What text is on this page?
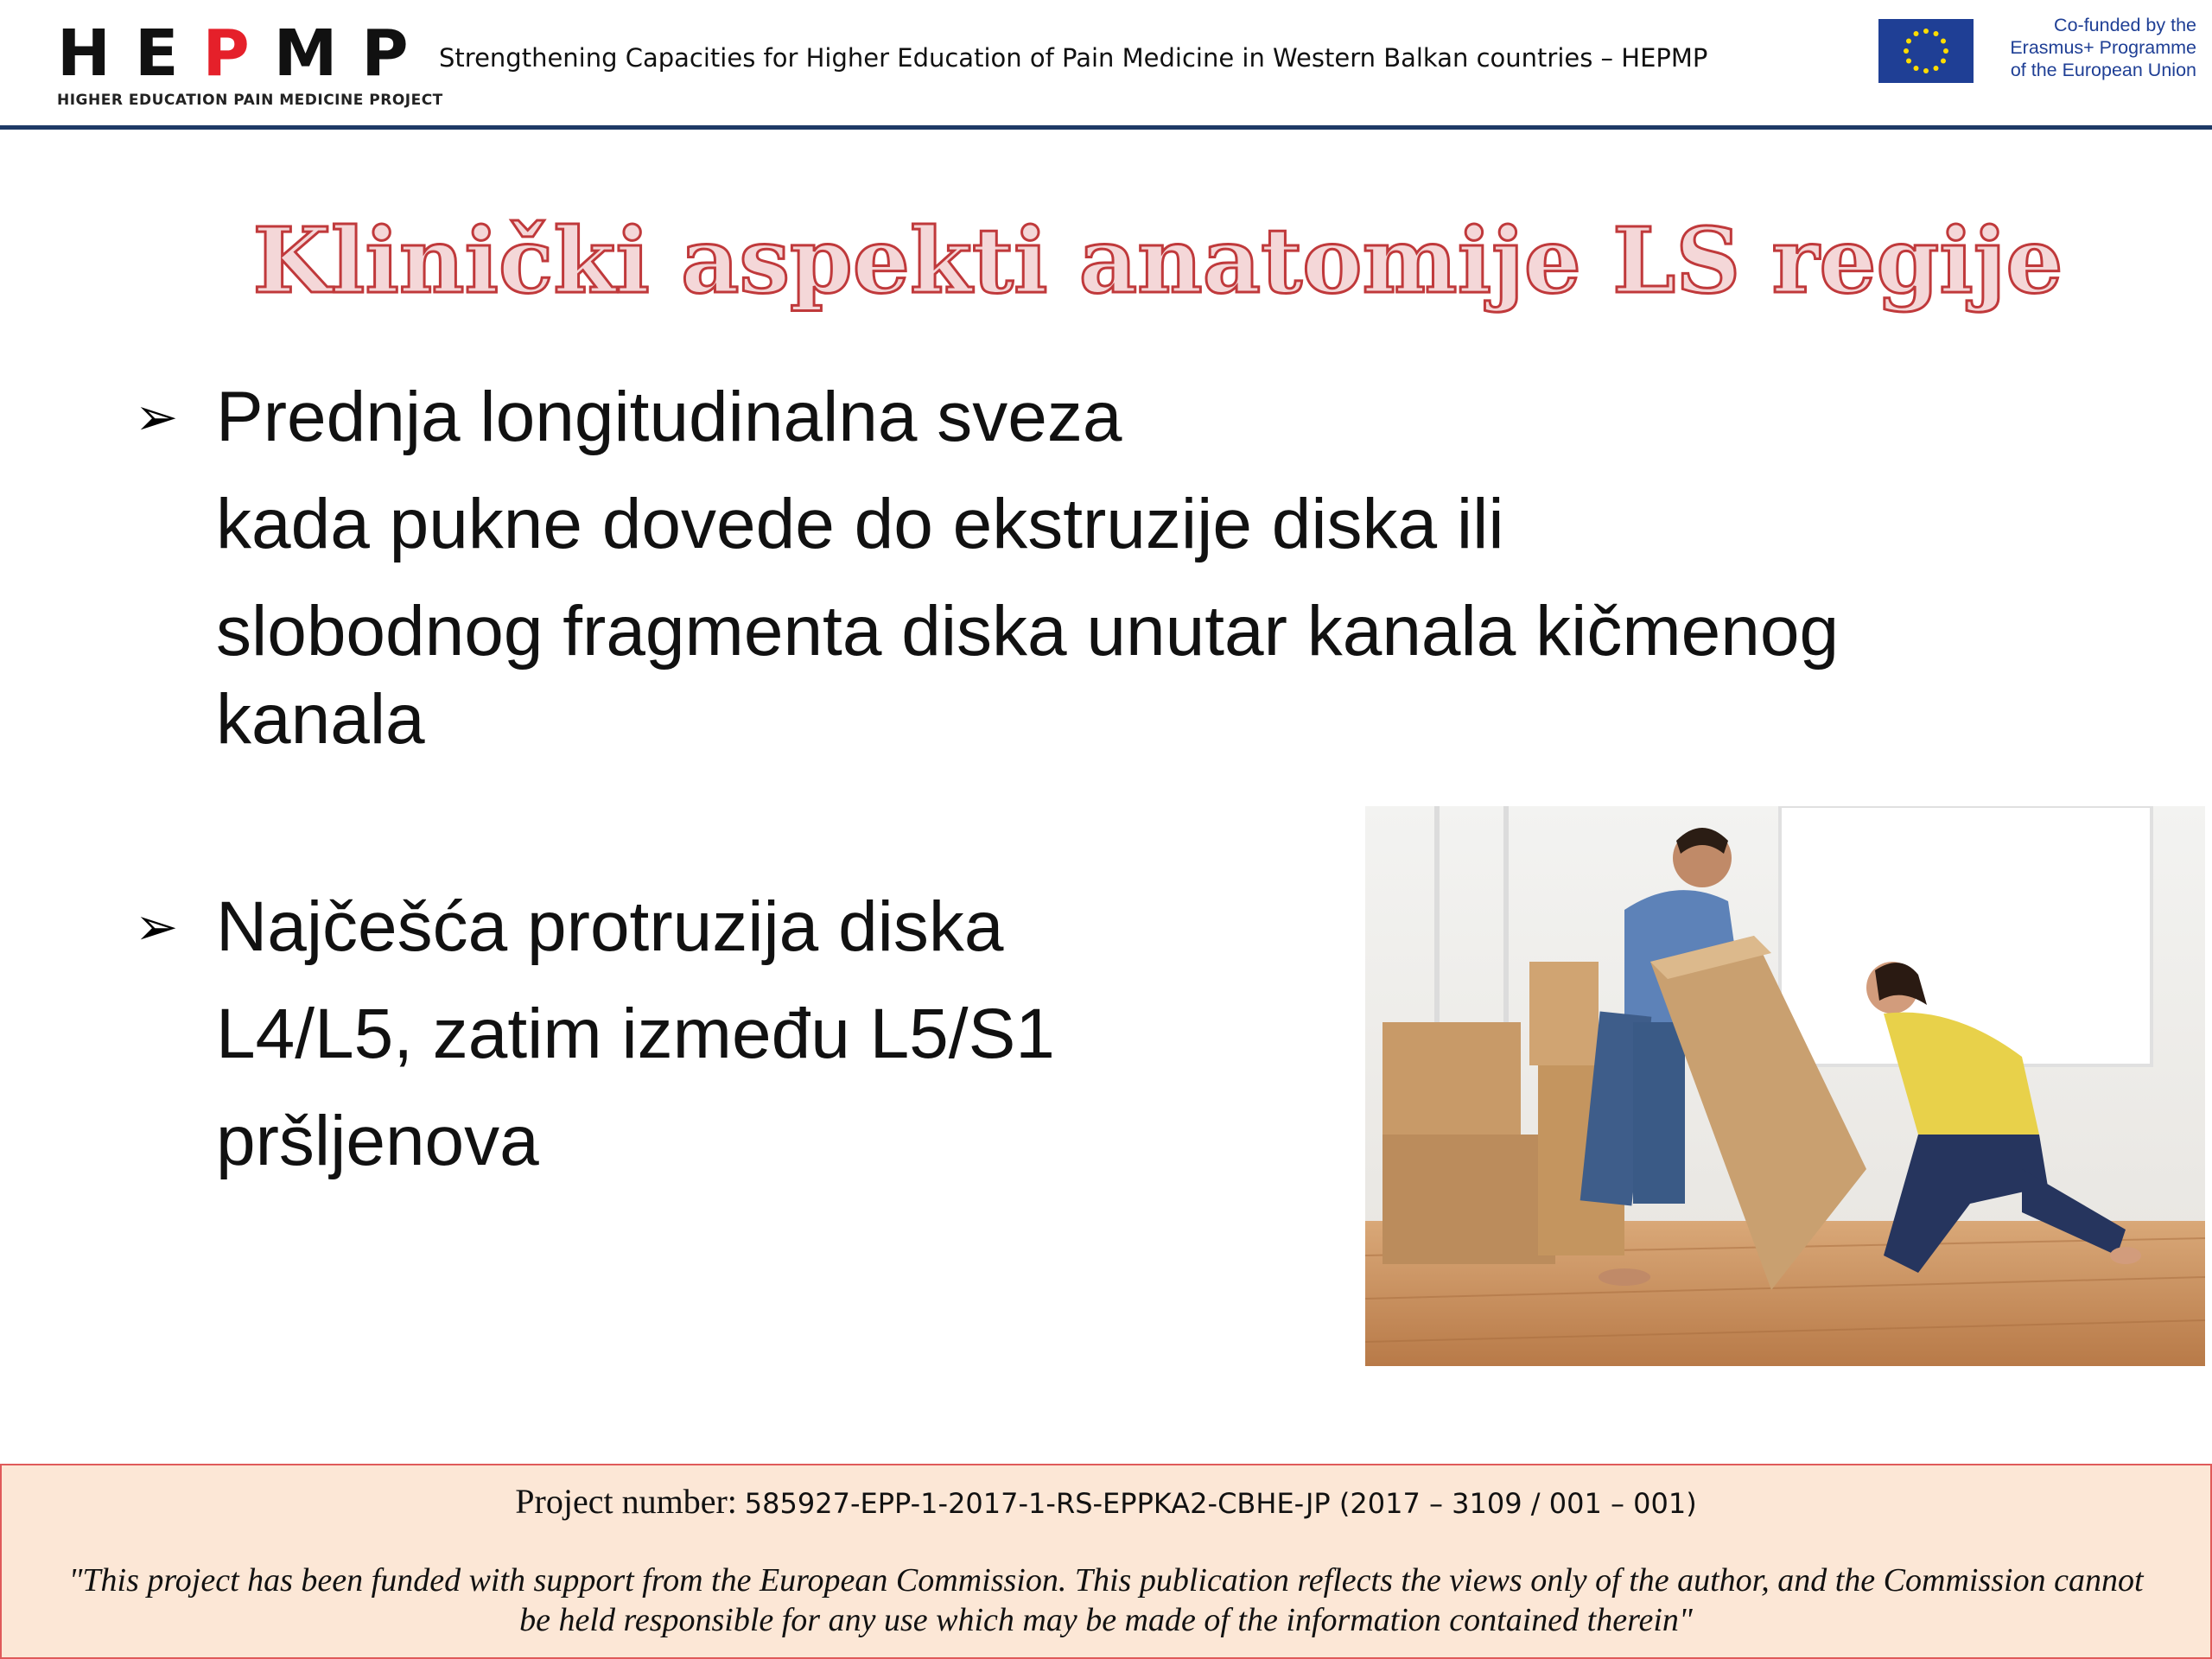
HEPMP
HIGHER EDUCATION PAIN MEDICINE PROJECT
Strengthening Capacities for Higher Education of Pain Medicine in Western Balkan countries – HEPMP
Co-funded by the
Erasmus+ Programme
of the European Union
Klinički aspekti anatomije LS regije
➢ Prednja longitudinalna sveza
kada pukne dovede do ekstruzije diska ili
slobodnog fragmenta diska unutar kanala kičmenog
kanala
➢ Najčešća protruzija diska
L4/L5, zatim između L5/S1
pršljenova
Project number: 585927-EPP-1-2017-1-RS-EPPKA2-CBHE-JP (2017 – 3109 / 001 – 001)
"This project has been funded with support from the European Commission. This publication reflects the views only of the author, and the Commission cannot
be held responsible for any use which may be made of the information contained therein"
